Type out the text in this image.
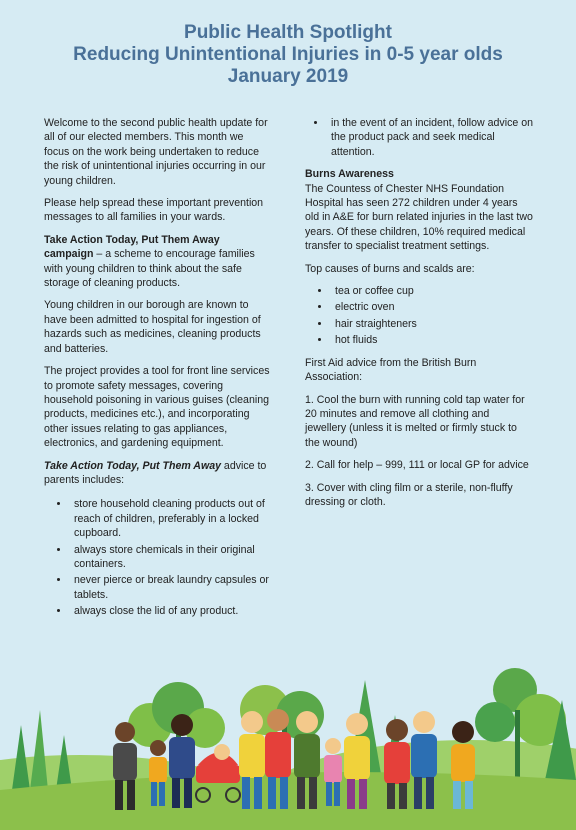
Public Health Spotlight
Reducing Unintentional Injuries in 0-5 year olds
January 2019

Welcome to the second public health update for all of our elected members. This month we focus on the work being undertaken to reduce the risk of unintentional injuries occurring in our young children.

Please help spread these important prevention messages to all families in your wards.

Take Action Today, Put Them Away campaign – a scheme to encourage families with young children to think about the safe storage of cleaning products.

Young children in our borough are known to have been admitted to hospital for ingestion of hazards such as medicines, cleaning products and batteries.

The project provides a tool for front line services to promote safety messages, covering household poisoning in various guises (cleaning products, medicines etc.), and incorporating other issues relating to gas appliances, electronics, and gardening equipment.

Take Action Today, Put Them Away advice to parents includes:

• store household cleaning products out of reach of children, preferably in a locked cupboard.
• always store chemicals in their original containers.
• never pierce or break laundry capsules or tablets.
• always close the lid of any product.
• in the event of an incident, follow advice on the product pack and seek medical attention.

Burns Awareness

The Countess of Chester NHS Foundation Hospital has seen 272 children under 4 years old in A&E for burn related injuries in the last two years. Of these children, 10% required medical transfer to specialist treatment settings.

Top causes of burns and scalds are:

• tea or coffee cup
• electric oven
• hair straighteners
• hot fluids

First Aid advice from the British Burn Association:

1. Cool the burn with running cold tap water for 20 minutes and remove all clothing and jewellery (unless it is melted or firmly stuck to the wound)

2. Call for help – 999, 111 or local GP for advice

3. Cover with cling film or a sterile, non-fluffy dressing or cloth.
